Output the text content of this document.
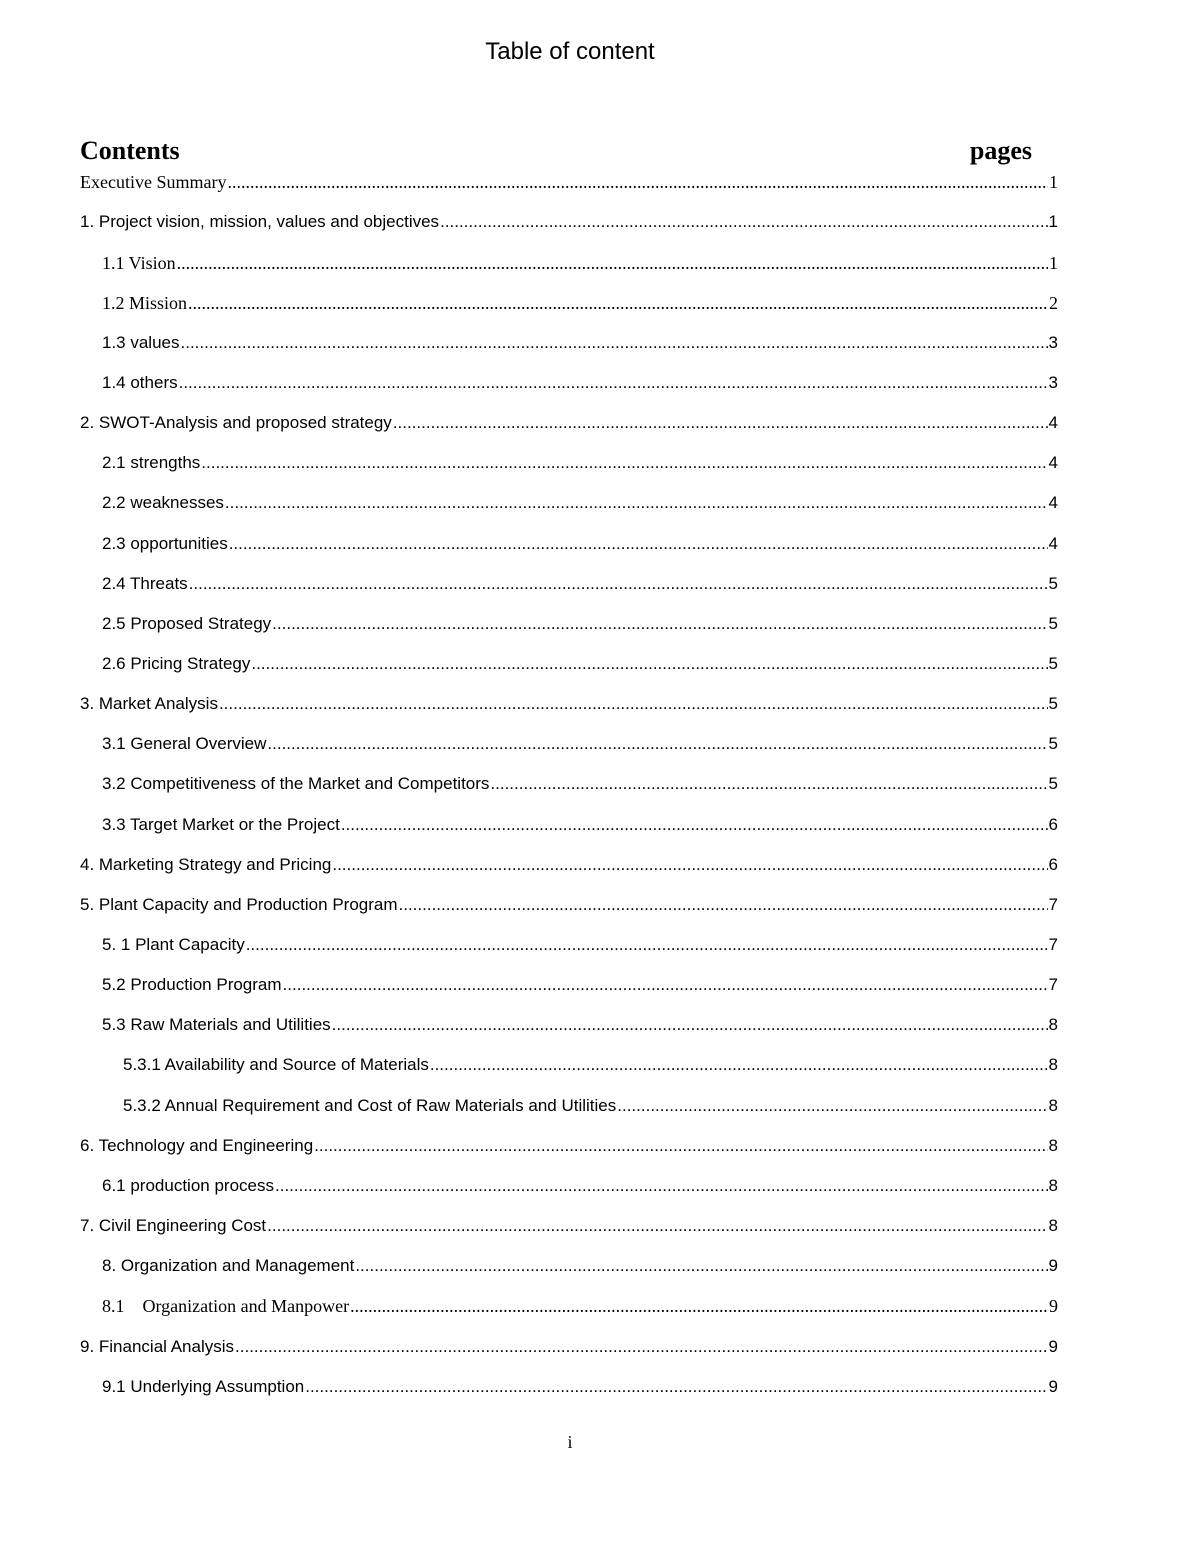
Table of content
Contents	pages
Executive Summary .....	1
1. Project vision, mission, values and objectives .....	1
1.1 Vision .....	1
1.2 Mission .....	2
1.3 values .....	3
1.4 others .....	3
2. SWOT-Analysis and proposed strategy .....	4
2.1 strengths .....	4
2.2 weaknesses .....	4
2.3 opportunities .....	4
2.4 Threats .....	5
2.5 Proposed Strategy .....	5
2.6 Pricing Strategy .....	5
3. Market Analysis .....	5
3.1 General Overview .....	5
3.2 Competitiveness of the Market and Competitors .....	5
3.3 Target Market or the Project .....	6
4. Marketing Strategy and Pricing .....	6
5. Plant Capacity and Production Program .....	7
5. 1 Plant Capacity .....	7
5.2 Production Program .....	7
5.3 Raw Materials and Utilities .....	8
5.3.1 Availability and Source of Materials .....	8
5.3.2 Annual Requirement and Cost of Raw Materials and Utilities .....	8
6. Technology and Engineering .....	8
6.1 production process .....	8
7. Civil Engineering Cost .....	8
8. Organization and Management .....	9
8.1    Organization and Manpower .....	9
9. Financial Analysis .....	9
9.1 Underlying Assumption .....	9
i
